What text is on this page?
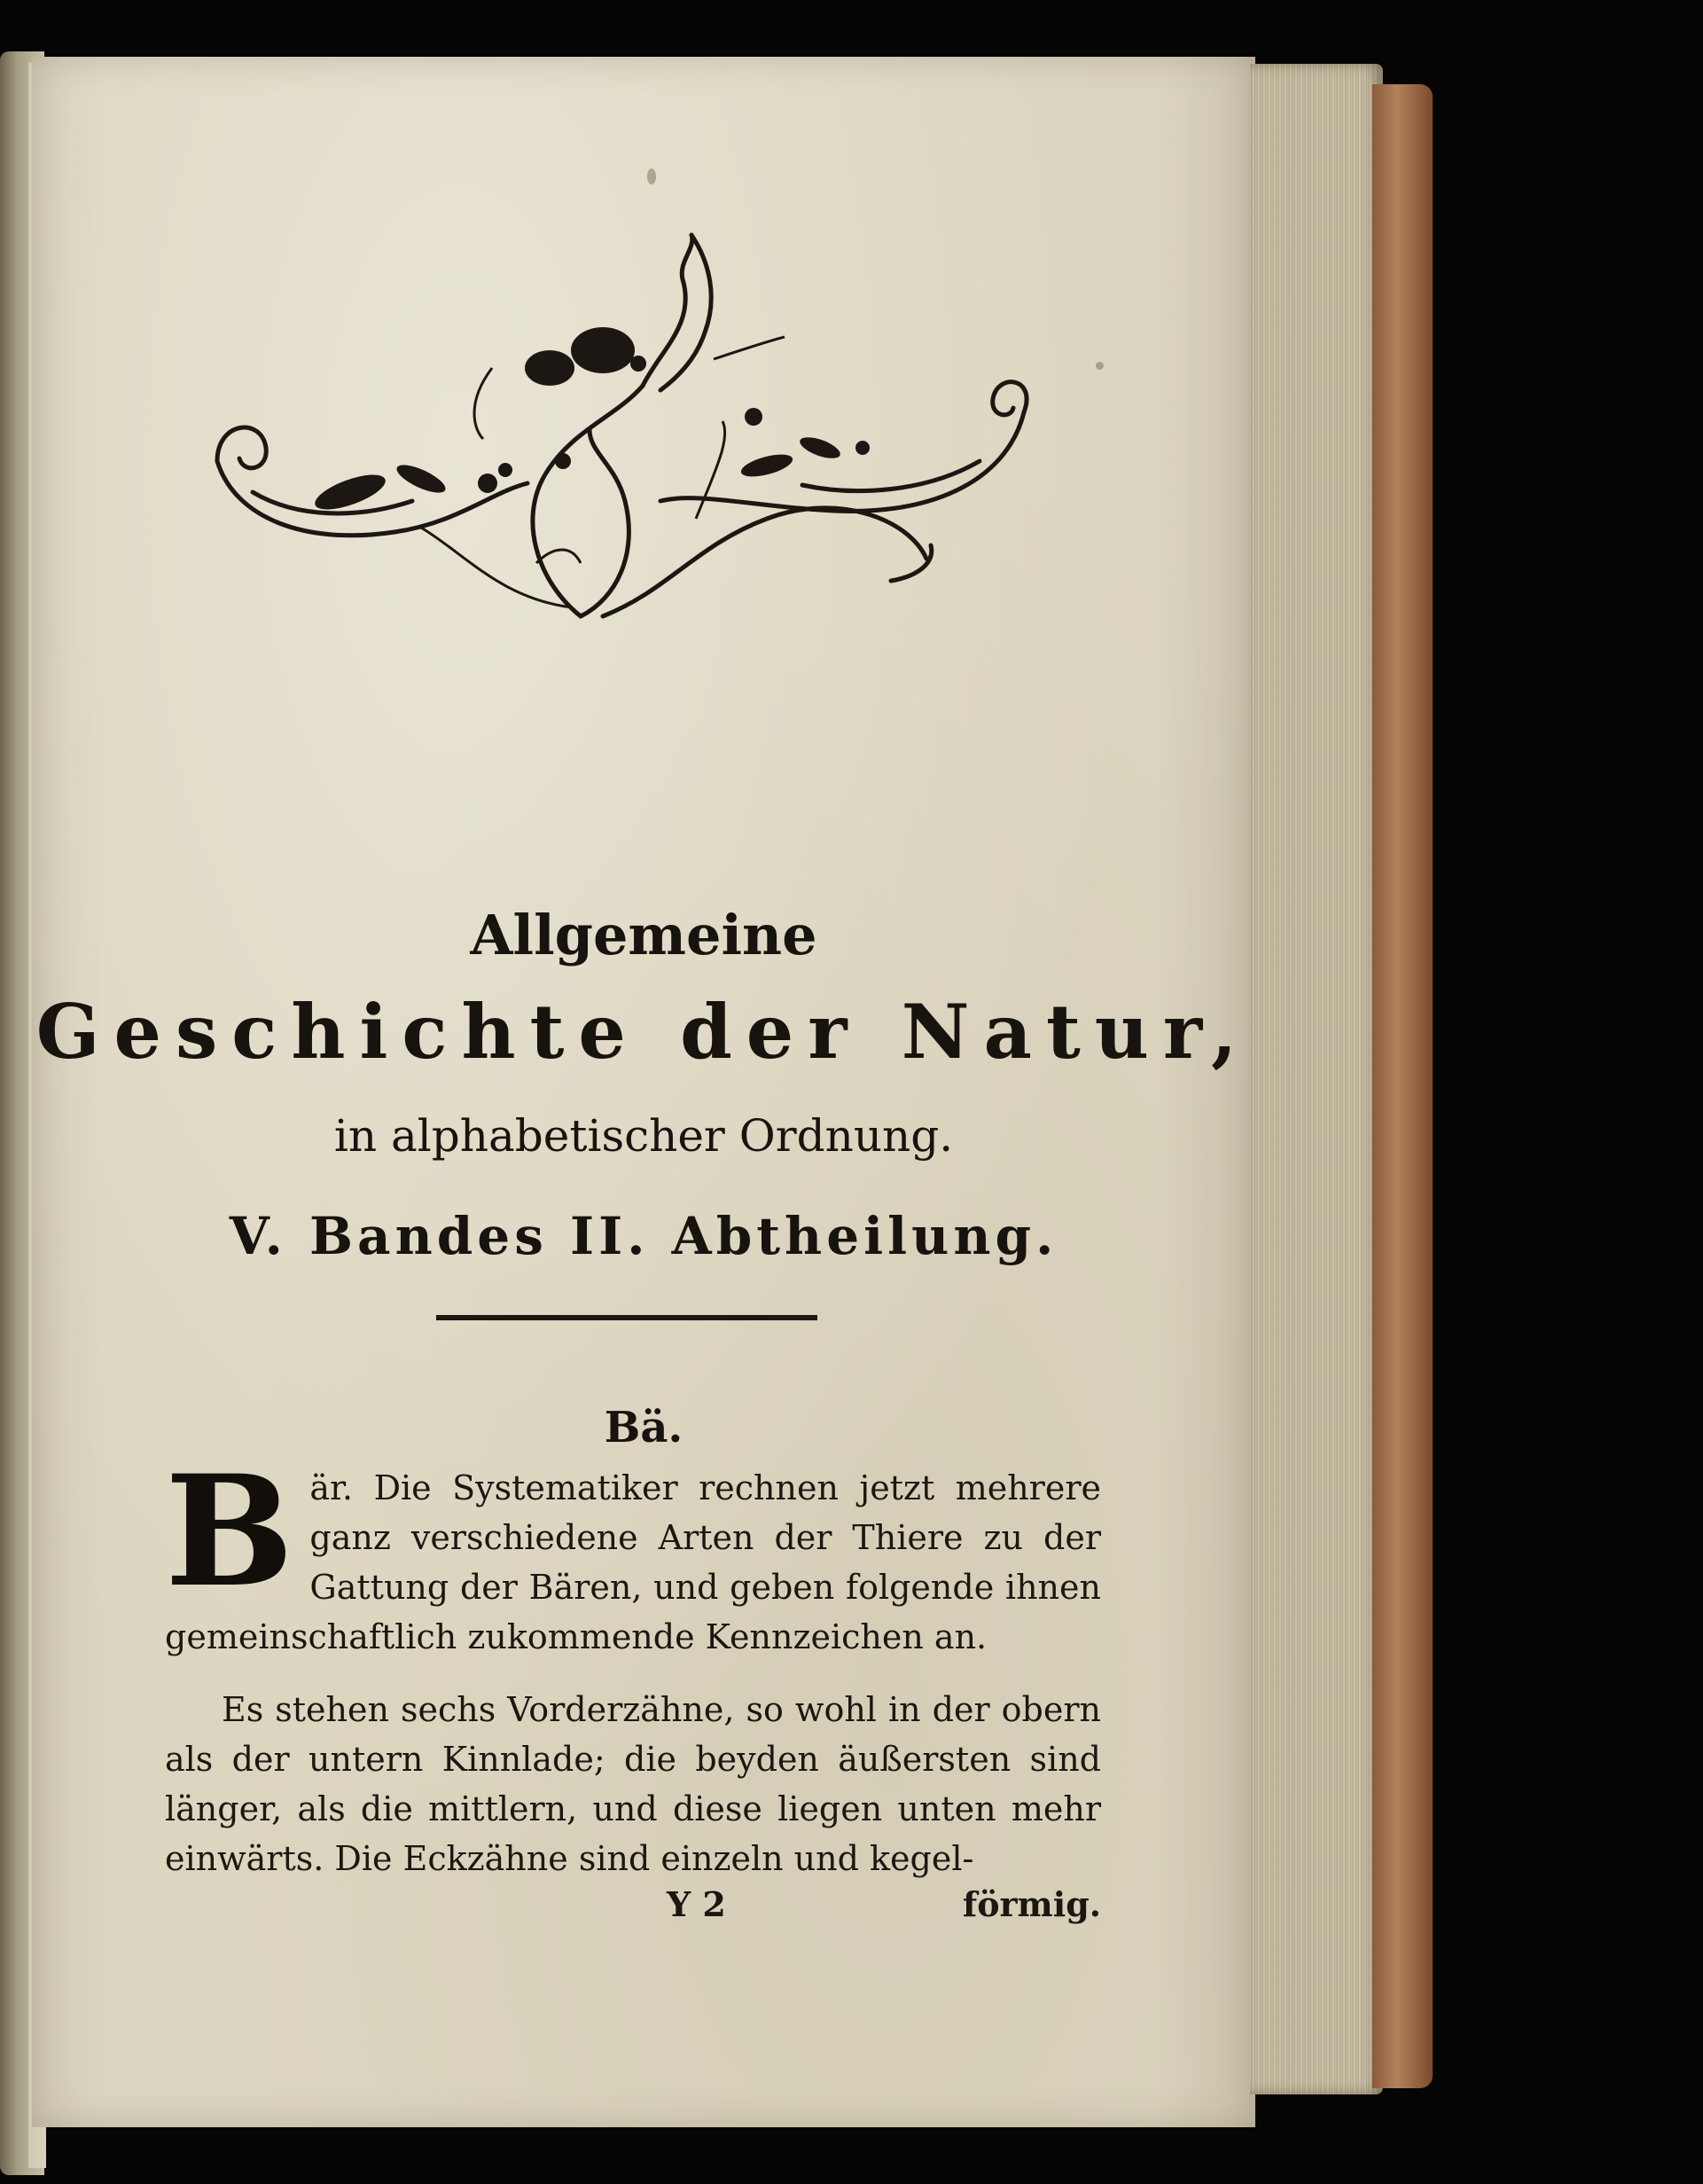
Allgemeine
Geschichte der Natur,

in alphabetischer Ordnung.

V. Bandes II. Abtheilung.

Bä.

Bär. Die Systematiker rechnen jetzt mehrere ganz verschiedene Arten der Thiere zu der Gattung der Bären, und geben folgende ihnen gemeinschaftlich zukommende Kennzeichen an.

Es stehen sechs Vorderzähne, so wohl in der obern als der untern Kinnlade; die beyden äußersten sind länger, als die mittlern, und diese liegen unten mehr einwärts. Die Eckzähne sind einzeln und kegel-

Y 2	förmig.
